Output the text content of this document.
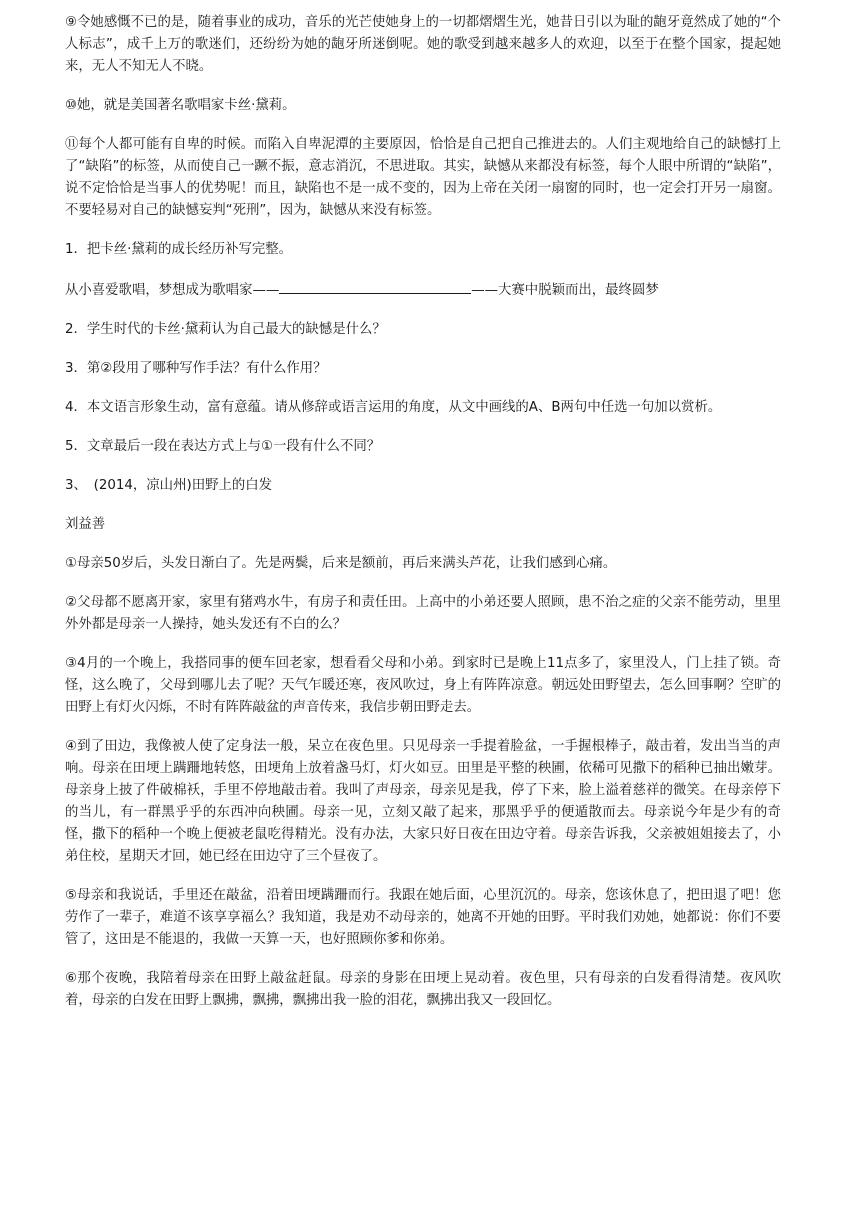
⑨令她感慨不已的是，随着事业的成功，音乐的光芒使她身上的一切都熠熠生光，她昔日引以为耻的龅牙竟然成了她的“个人标志”，成千上万的歌迷们，还纷纷为她的龅牙所迷倒呢。她的歌受到越来越多人的欢迎，以至于在整个国家，提起她来，无人不知无人不晓。

⑩她，就是美国著名歌唱家卡丝·黛莉。

⑪每个人都可能有自卑的时候。而陷入自卑泥潭的主要原因，恰恰是自己把自己推进去的。人们主观地给自己的缺憾打上了“缺陷”的标签，从而使自己一蹶不振，意志消沉，不思进取。其实，缺憾从来都没有标签，每个人眼中所谓的“缺陷”，说不定恰恰是当事人的优势呢！而且，缺陷也不是一成不变的，因为上帝在关闭一扇窗的同时，也一定会打开另一扇窗。不要轻易对自己的缺憾妄判“死刑”，因为，缺憾从来没有标签。

1．把卡丝·黛莉的成长经历补写完整。

从小喜爱歌唱，梦想成为歌唱家——	——大赛中脱颖而出，最终圆梦

2．学生时代的卡丝·黛莉认为自己最大的缺憾是什么？

3．第②段用了哪种写作手法？有什么作用？

4．本文语言形象生动，富有意蕴。请从修辞或语言运用的角度，从文中画线的A、B两句中任选一句加以赏析。

5．文章最后一段在表达方式上与①一段有什么不同？

3、　(2014，凉山州)田野上的白发

刘益善

①母亲50岁后，头发日渐白了。先是两鬓，后来是额前，再后来满头芦花，让我们感到心痛。

②父母都不愿离开家，家里有猪鸡水牛，有房子和责任田。上高中的小弟还要人照顾，患不治之症的父亲不能劳动，里里外外都是母亲一人操持，她头发还有不白的么？

③4月的一个晚上，我搭同事的便车回老家，想看看父母和小弟。到家时已是晚上11点多了，家里没人，门上挂了锁。奇怪，这么晚了，父母到哪儿去了呢？天气乍暖还寒，夜风吹过，身上有阵阵凉意。朝远处田野望去，怎么回事啊？空旷的田野上有灯火闪烁，不时有阵阵敲盆的声音传来，我信步朝田野走去。

④到了田边，我像被人使了定身法一般，呆立在夜色里。只见母亲一手提着脸盆，一手握根棒子，敲击着，发出当当的声响。母亲在田埂上蹒跚地转悠，田埂角上放着盏马灯，灯火如豆。田里是平整的秧圃，依稀可见撒下的稻种已抽出嫩芽。母亲身上披了件破棉袄，手里不停地敲击着。我叫了声母亲，母亲见是我，停了下来，脸上溢着慈祥的微笑。在母亲停下的当儿，有一群黑乎乎的东西冲向秧圃。母亲一见，立刻又敲了起来，那黑乎乎的便遁散而去。母亲说今年是少有的奇怪，撒下的稻种一个晚上便被老鼠吃得精光。没有办法，大家只好日夜在田边守着。母亲告诉我，父亲被姐姐接去了，小弟住校，星期天才回，她已经在田边守了三个昼夜了。

⑤母亲和我说话，手里还在敲盆，沿着田埂蹒跚而行。我跟在她后面，心里沉沉的。母亲，您该休息了，把田退了吧！您劳作了一辈子，难道不该享享福么？我知道，我是劝不动母亲的，她离不开她的田野。平时我们劝她，她都说：你们不要管了，这田是不能退的，我做一天算一天，也好照顾你爹和你弟。

⑥那个夜晚，我陪着母亲在田野上敲盆赶鼠。母亲的身影在田埂上晃动着。夜色里，只有母亲的白发看得清楚。夜风吹着，母亲的白发在田野上飘拂，飘拂，飘拂出我一脸的泪花，飘拂出我又一段回忆。
